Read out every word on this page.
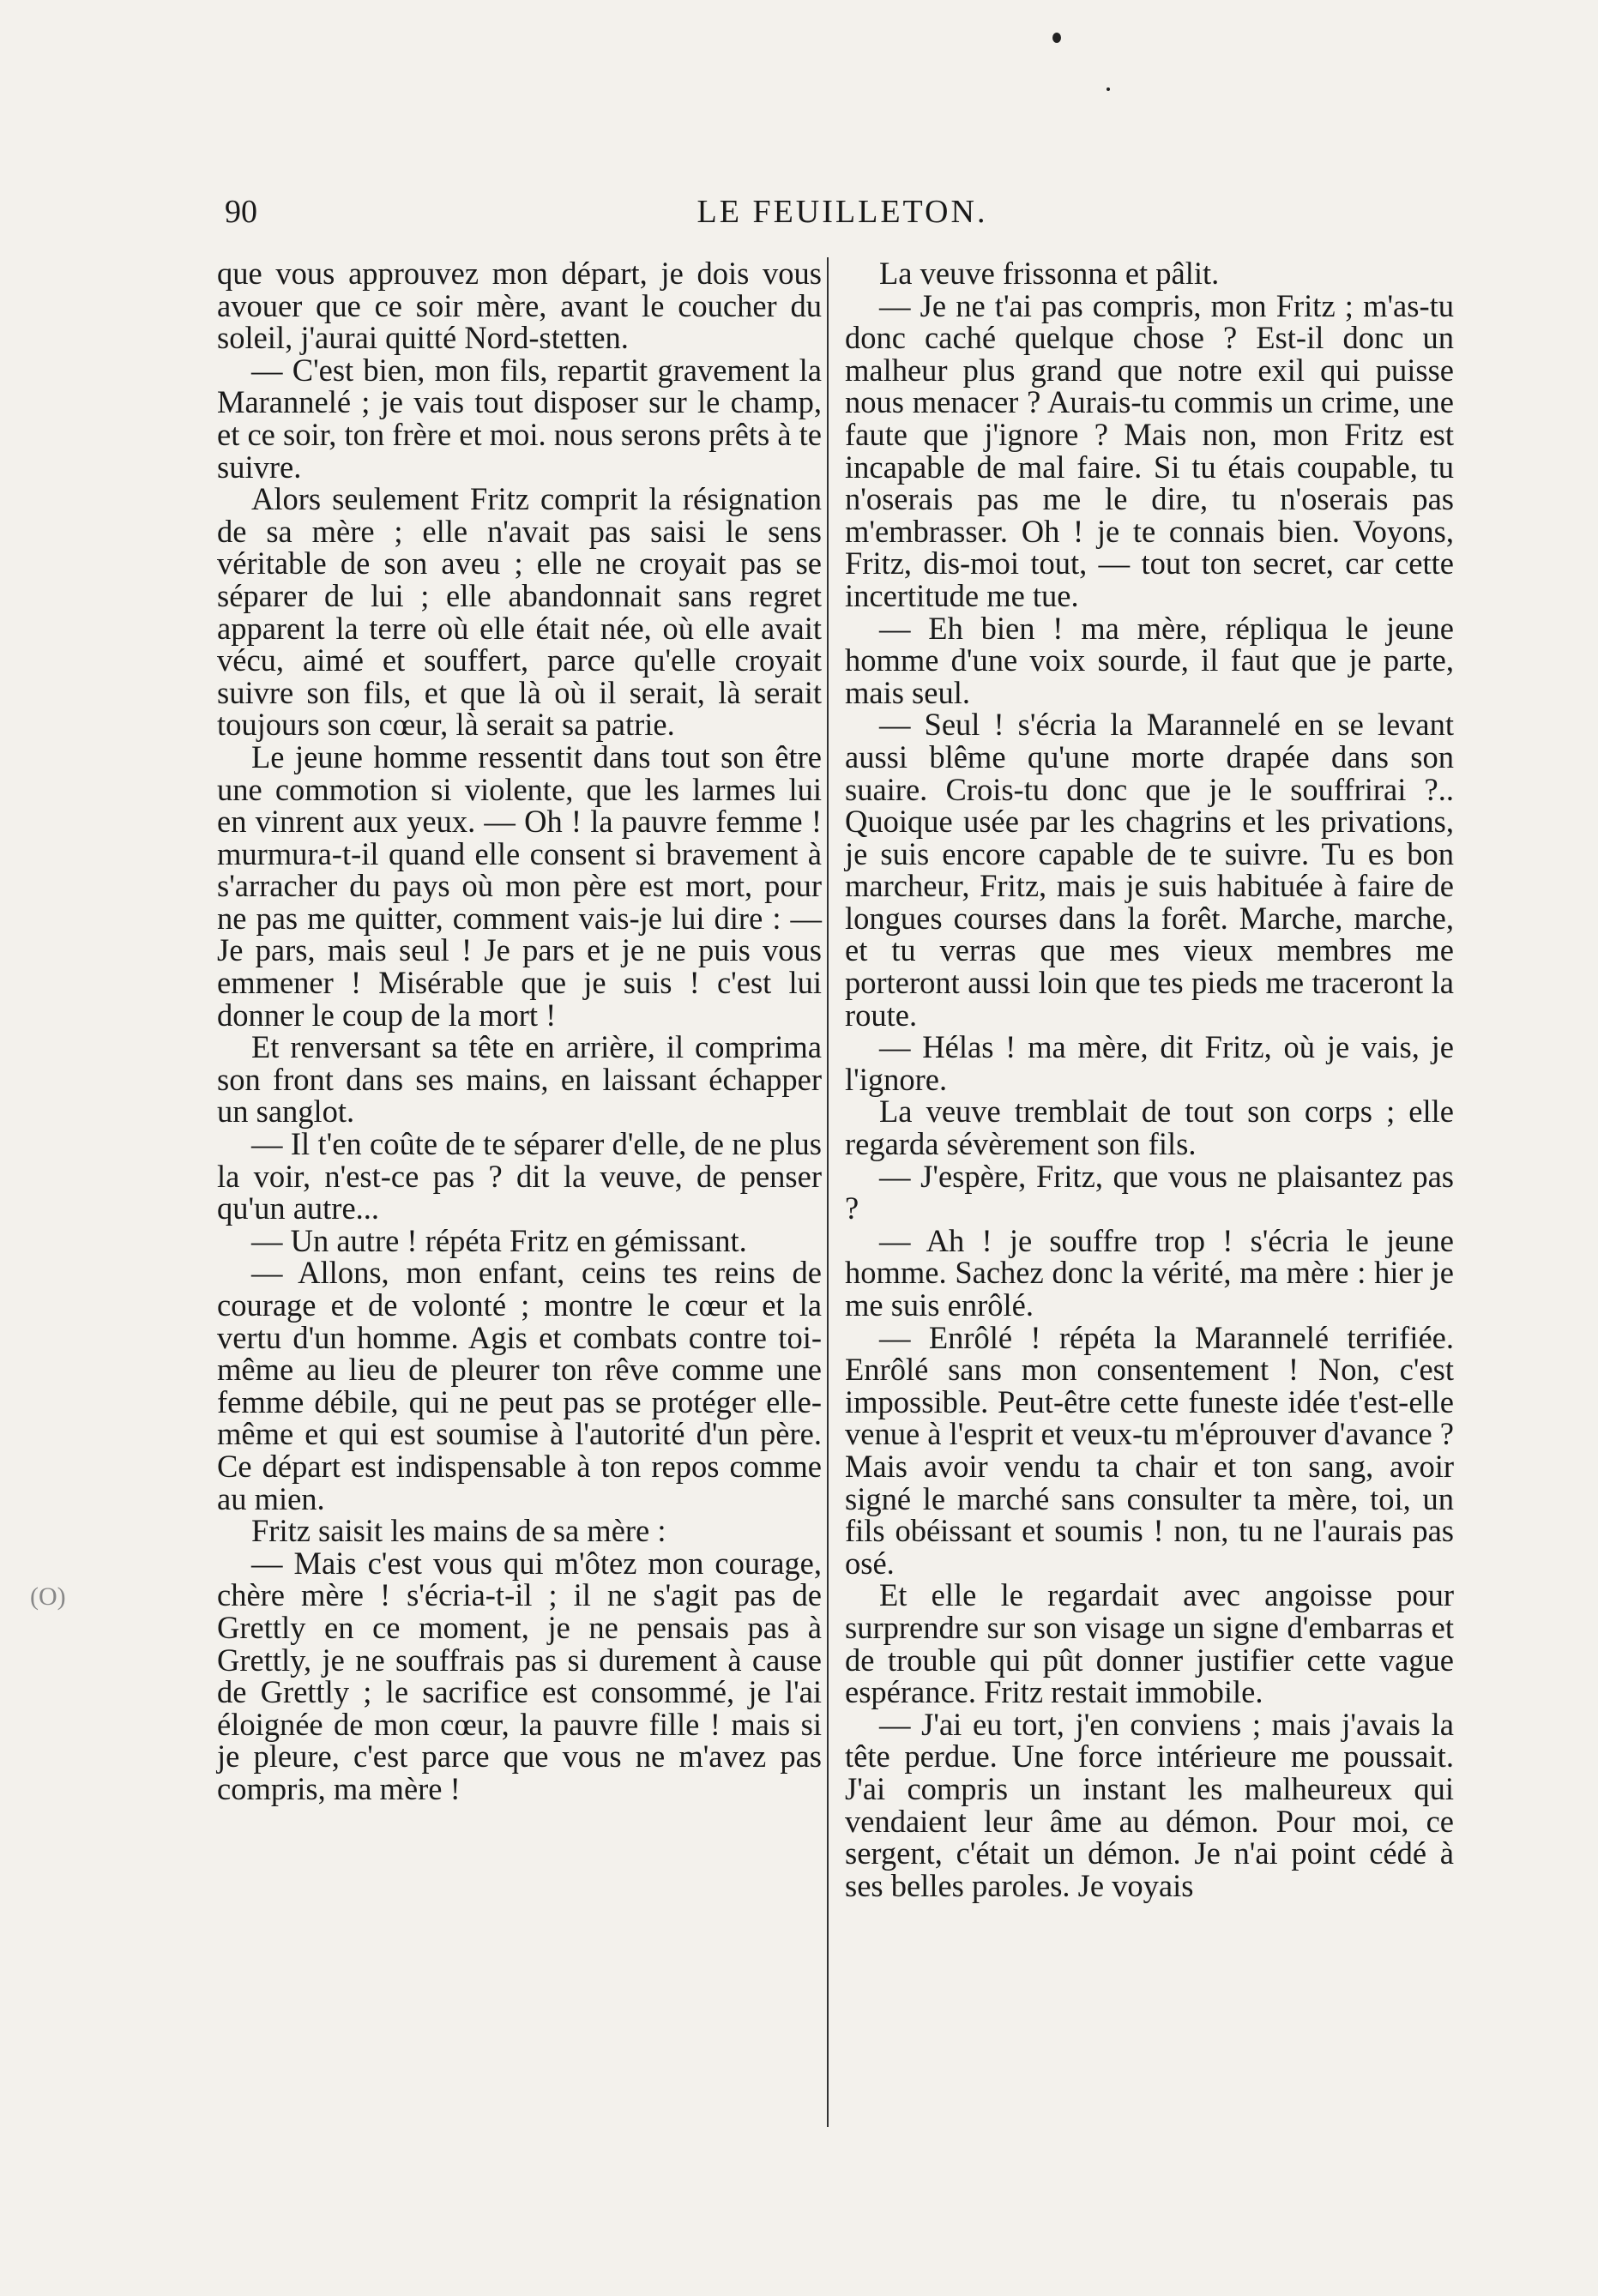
(O)
90	LE FEUILLETON.

que vous approuvez mon départ, je dois vous avouer que ce soir mère, avant le coucher du soleil, j'aurai quitté Nord-stetten.

— C'est bien, mon fils, repartit gravement la Marannelé ; je vais tout disposer sur le champ, et ce soir, ton frère et moi. nous serons prêts à te suivre.

Alors seulement Fritz comprit la résignation de sa mère ; elle n'avait pas saisi le sens véritable de son aveu ; elle ne croyait pas se séparer de lui ; elle abandonnait sans regret apparent la terre où elle était née, où elle avait vécu, aimé et souffert, parce qu'elle croyait suivre son fils, et que là où il serait, là serait toujours son cœur, là serait sa patrie.

Le jeune homme ressentit dans tout son être une commotion si violente, que les larmes lui en vinrent aux yeux. — Oh ! la pauvre femme ! murmura-t-il quand elle consent si bravement à s'arracher du pays où mon père est mort, pour ne pas me quitter, comment vais-je lui dire : — Je pars, mais seul ! Je pars et je ne puis vous emmener ! Misérable que je suis ! c'est lui donner le coup de la mort !

Et renversant sa tête en arrière, il comprima son front dans ses mains, en laissant échapper un sanglot.

— Il t'en coûte de te séparer d'elle, de ne plus la voir, n'est-ce pas ? dit la veuve, de penser qu'un autre...

— Un autre ! répéta Fritz en gémissant.

— Allons, mon enfant, ceins tes reins de courage et de volonté ; montre le cœur et la vertu d'un homme. Agis et combats contre toi-même au lieu de pleurer ton rêve comme une femme débile, qui ne peut pas se protéger elle-même et qui est soumise à l'autorité d'un père. Ce départ est indispensable à ton repos comme au mien.

Fritz saisit les mains de sa mère :

— Mais c'est vous qui m'ôtez mon courage, chère mère ! s'écria-t-il ; il ne s'agit pas de Grettly en ce moment, je ne pensais pas à Grettly, je ne souffrais pas si durement à cause de Grettly ; le sacrifice est consommé, je l'ai éloignée de mon cœur, la pauvre fille ! mais si je pleure, c'est parce que vous ne m'avez pas compris, ma mère !

La veuve frissonna et pâlit.

— Je ne t'ai pas compris, mon Fritz ; m'as-tu donc caché quelque chose ? Est-il donc un malheur plus grand que notre exil qui puisse nous menacer ? Aurais-tu commis un crime, une faute que j'ignore ? Mais non, mon Fritz est incapable de mal faire. Si tu étais coupable, tu n'oserais pas me le dire, tu n'oserais pas m'embrasser. Oh ! je te connais bien. Voyons, Fritz, dis-moi tout, — tout ton secret, car cette incertitude me tue.

— Eh bien ! ma mère, répliqua le jeune homme d'une voix sourde, il faut que je parte, mais seul.

— Seul ! s'écria la Marannelé en se levant aussi blême qu'une morte drapée dans son suaire. Crois-tu donc que je le souffrirai ?.. Quoique usée par les chagrins et les privations, je suis encore capable de te suivre. Tu es bon marcheur, Fritz, mais je suis habituée à faire de longues courses dans la forêt. Marche, marche, et tu verras que mes vieux membres me porteront aussi loin que tes pieds me traceront la route.

— Hélas ! ma mère, dit Fritz, où je vais, je l'ignore.

La veuve tremblait de tout son corps ; elle regarda sévèrement son fils.

— J'espère, Fritz, que vous ne plaisantez pas ?

— Ah ! je souffre trop ! s'écria le jeune homme. Sachez donc la vérité, ma mère : hier je me suis enrôlé.

— Enrôlé ! répéta la Marannelé terrifiée. Enrôlé sans mon consentement ! Non, c'est impossible. Peut-être cette funeste idée t'est-elle venue à l'esprit et veux-tu m'éprouver d'avance ? Mais avoir vendu ta chair et ton sang, avoir signé le marché sans consulter ta mère, toi, un fils obéissant et soumis ! non, tu ne l'aurais pas osé.

Et elle le regardait avec angoisse pour surprendre sur son visage un signe d'embarras et de trouble qui pût donner justifier cette vague espérance. Fritz restait immobile.

— J'ai eu tort, j'en conviens ; mais j'avais la tête perdue. Une force intérieure me poussait. J'ai compris un instant les malheureux qui vendaient leur âme au démon. Pour moi, ce sergent, c'était un démon. Je n'ai point cédé à ses belles paroles. Je voyais
